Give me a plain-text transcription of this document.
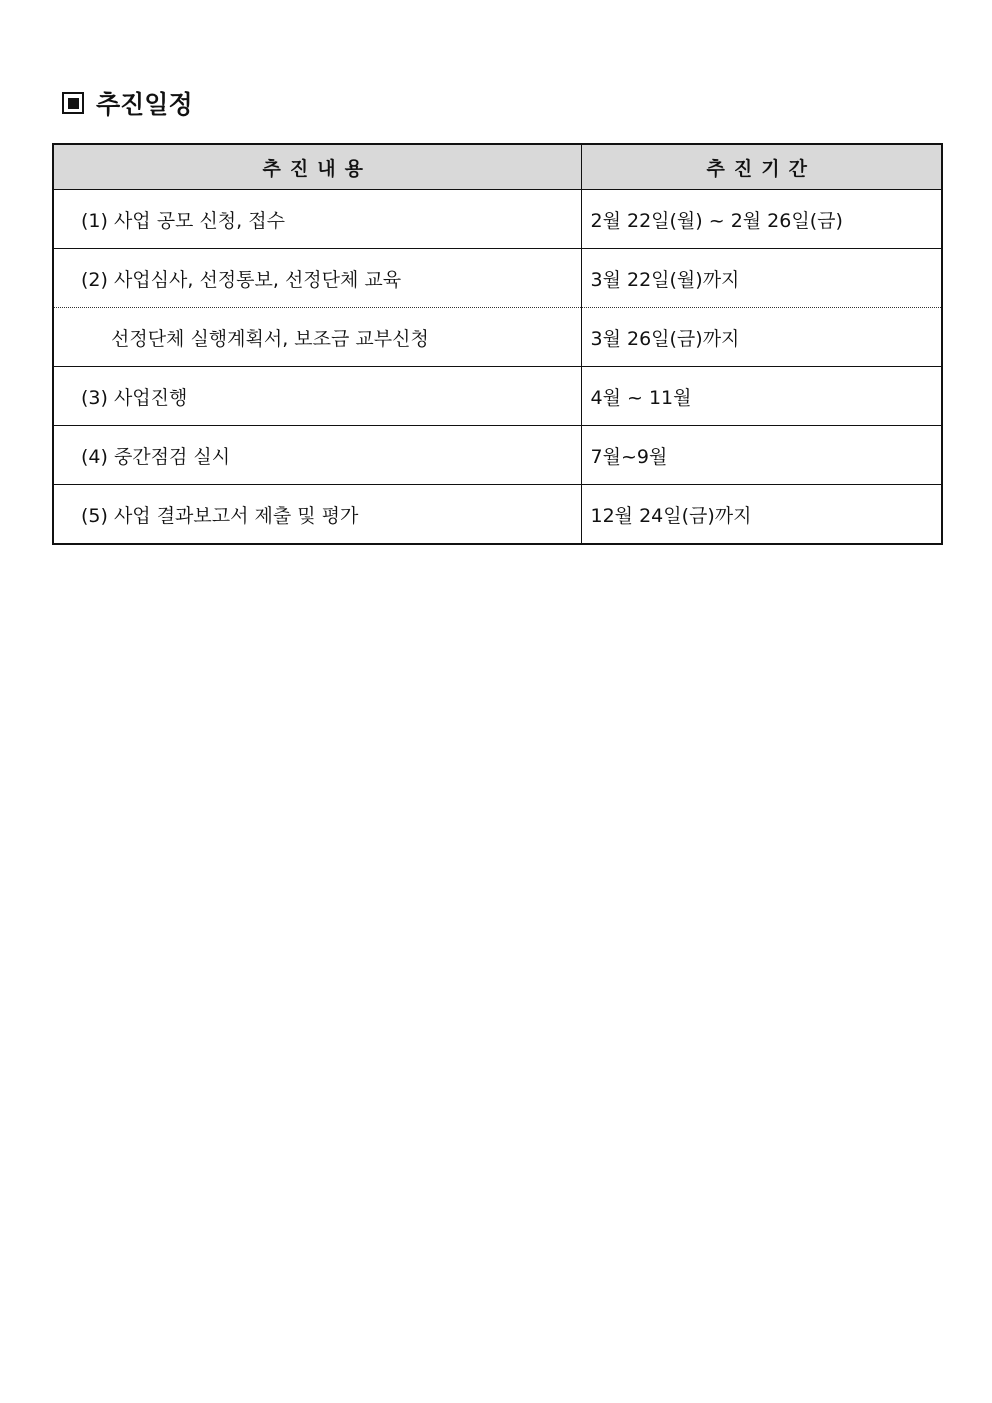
추진일정
추진내용	추진기간
(1) 사업 공모 신청, 접수	2월 22일(월) ~ 2월 26일(금)
(2) 사업심사, 선정통보, 선정단체 교육	3월 22일(월)까지
선정단체 실행계획서, 보조금 교부신청	3월 26일(금)까지
(3) 사업진행	4월 ~ 11월
(4) 중간점검 실시	7월~9월
(5) 사업 결과보고서 제출 및 평가	12월 24일(금)까지
